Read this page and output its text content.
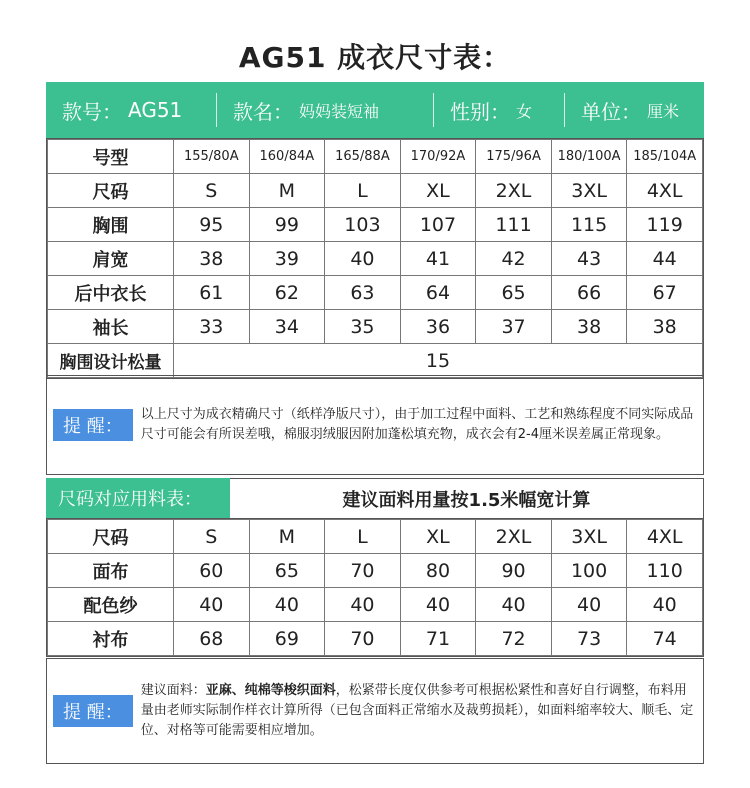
AG51 成衣尺寸表：
款号： AG51	款名： 妈妈装短袖	性别： 女 单位： 厘米
号型	155/80A	160/84A	165/88A	170/92A	175/96A	180/100A	185/104A
尺码	S	M	L	XL	2XL	3XL	4XL
胸围	95	99	103	107	111	115	119
肩宽	38	39	40	41	42	43	44
后中衣长	61	62	63	64	65	66	67
袖长	33	34	35	36	37	38	38
胸围设计松量	15						
提 醒：
以上尺寸为成衣精确尺寸（纸样净版尺寸），由于加工过程中面料、工艺和熟练程度不同实际成品尺寸可能会有所误差哦，棉服羽绒服因附加蓬松填充物，成衣会有2-4厘米误差属正常现象。
尺码对应用料表：	建议面料用量按1.5米幅宽计算
尺码	S	M	L	XL	2XL	3XL	4XL
面布	60	65	70	80	90	100	110
配色纱	40	40	40	40	40	40	40
衬布	68	69	70	71	72	73	74
提 醒：
建议面料：亚麻、纯棉等梭织面料，松紧带长度仅供参考可根据松紧性和喜好自行调整，布料用量由老师实际制作样衣计算所得（已包含面料正常缩水及裁剪损耗），如面料缩率较大、顺毛、定位、对格等可能需要相应增加。
